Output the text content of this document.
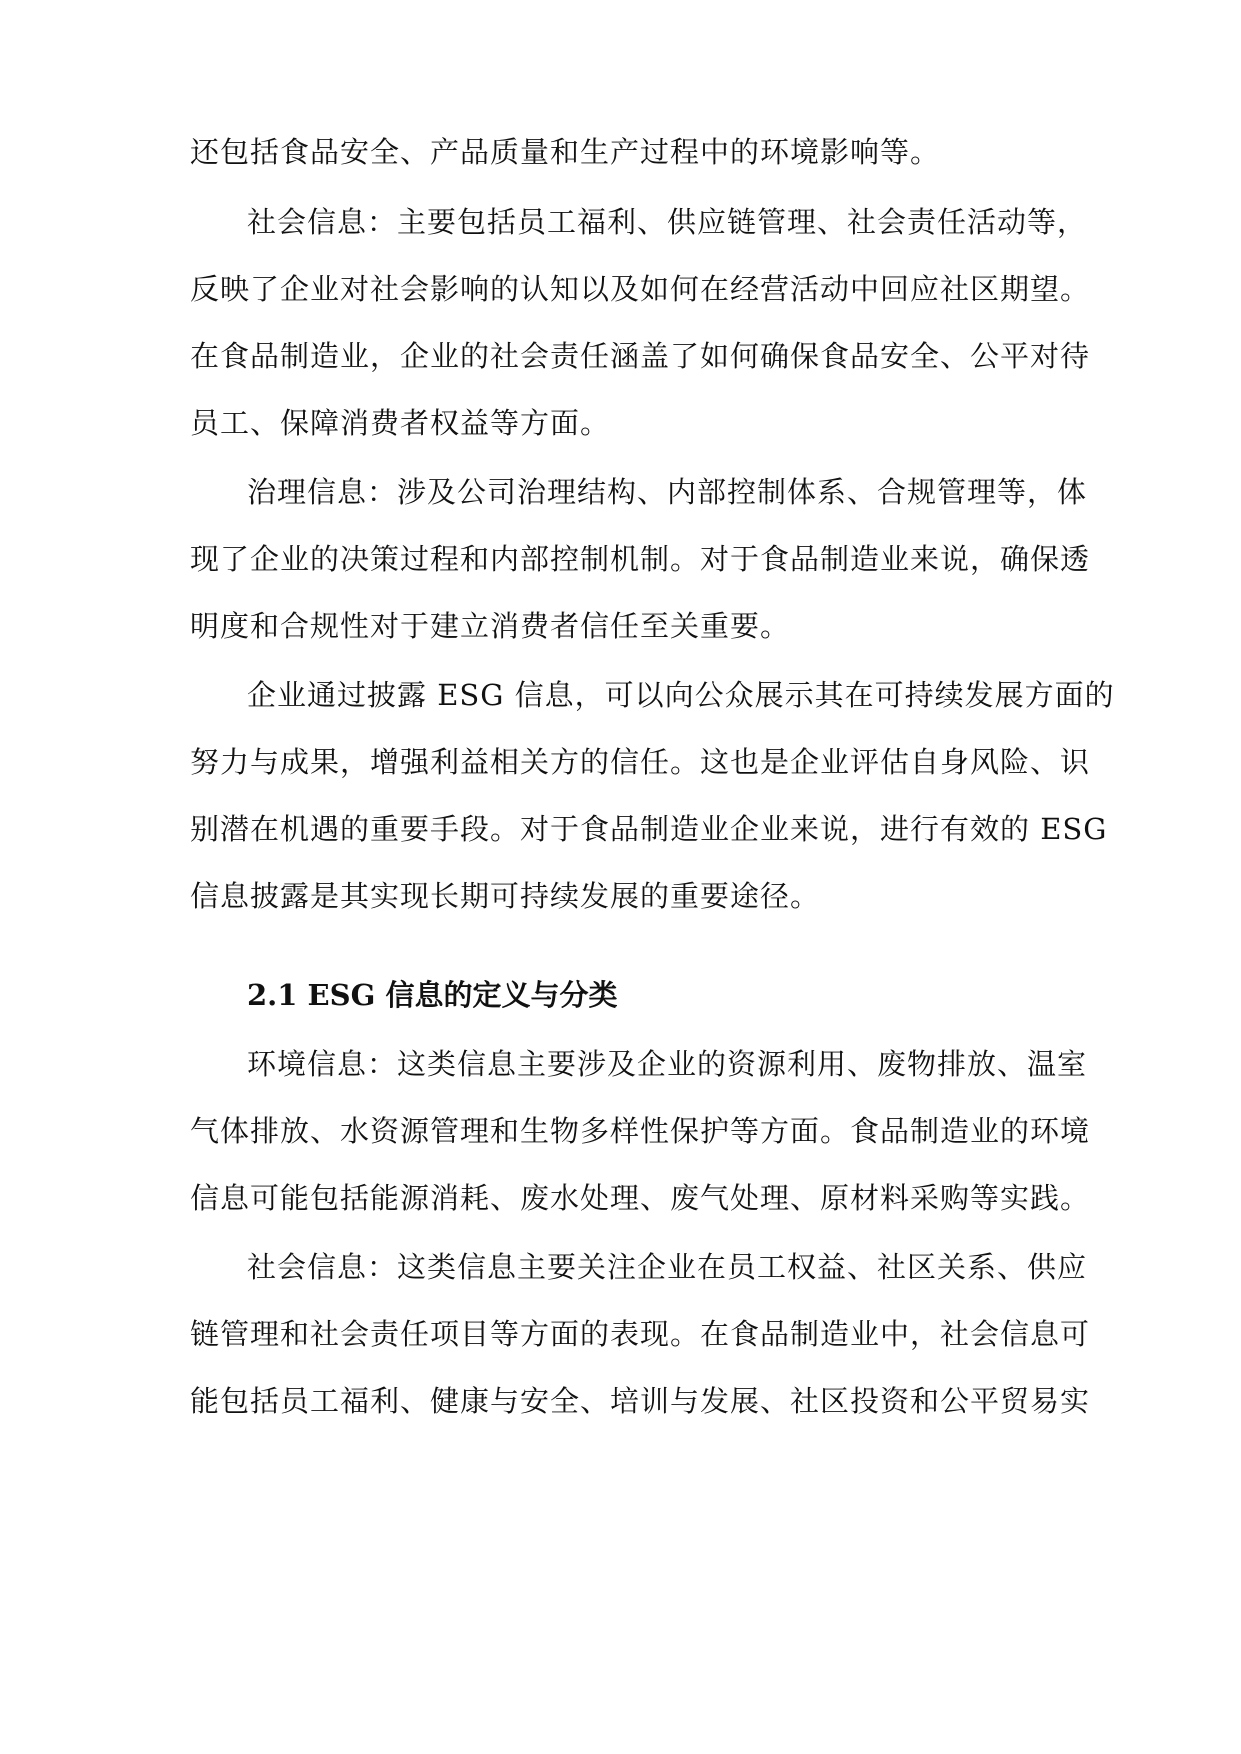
还包括食品安全、产品质量和生产过程中的环境影响等。
社会信息：主要包括员工福利、供应链管理、社会责任活动等，
反映了企业对社会影响的认知以及如何在经营活动中回应社区期望。
在食品制造业，企业的社会责任涵盖了如何确保食品安全、公平对待
员工、保障消费者权益等方面。
治理信息：涉及公司治理结构、内部控制体系、合规管理等，体
现了企业的决策过程和内部控制机制。对于食品制造业来说，确保透
明度和合规性对于建立消费者信任至关重要。
企业通过披露 ESG 信息，可以向公众展示其在可持续发展方面的
努力与成果，增强利益相关方的信任。这也是企业评估自身风险、识
别潜在机遇的重要手段。对于食品制造业企业来说，进行有效的 ESG
信息披露是其实现长期可持续发展的重要途径。
2.1 ESG 信息的定义与分类
环境信息：这类信息主要涉及企业的资源利用、废物排放、温室
气体排放、水资源管理和生物多样性保护等方面。食品制造业的环境
信息可能包括能源消耗、废水处理、废气处理、原材料采购等实践。
社会信息：这类信息主要关注企业在员工权益、社区关系、供应
链管理和社会责任项目等方面的表现。在食品制造业中，社会信息可
能包括员工福利、健康与安全、培训与发展、社区投资和公平贸易实
